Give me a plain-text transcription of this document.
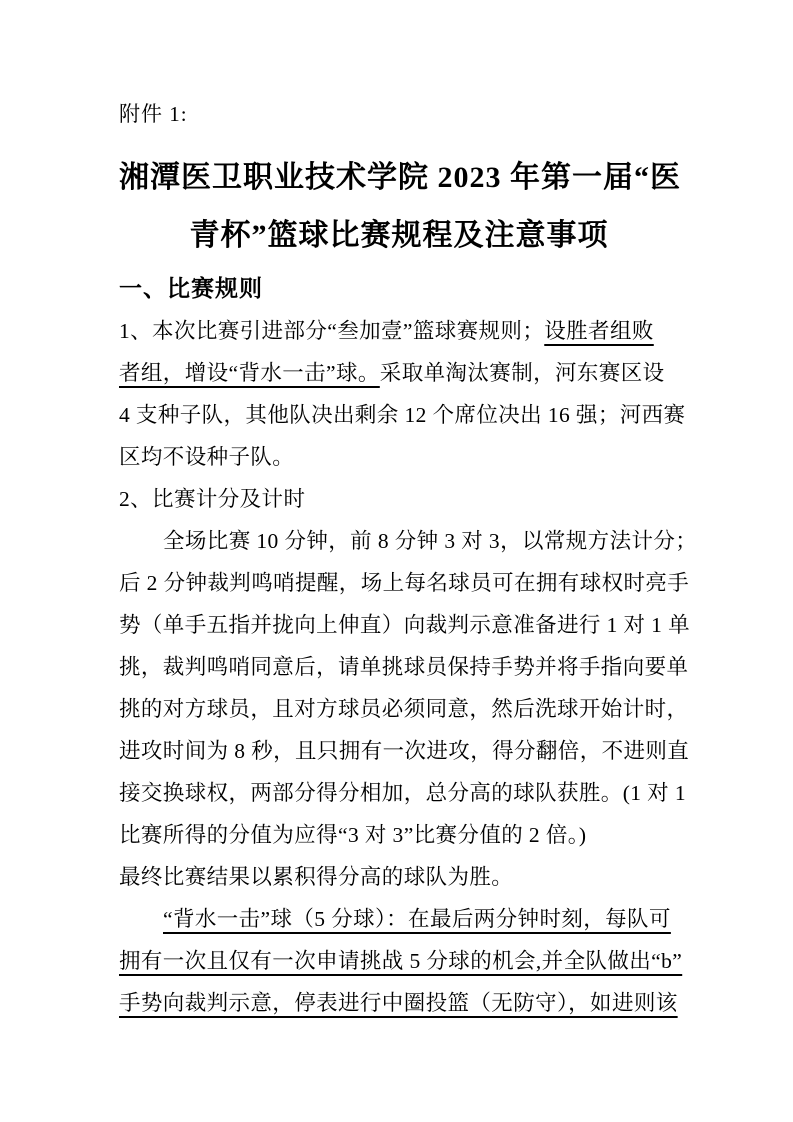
附件 1:
湘潭医卫职业技术学院 2023 年第一届“医
青杯”篮球比赛规程及注意事项
一、比赛规则
1、本次比赛引进部分“叁加壹”篮球赛规则；设胜者组败
者组，增设“背水一击”球。采取单淘汰赛制，河东赛区设
4 支种子队，其他队决出剩余 12 个席位决出 16 强；河西赛
区均不设种子队。
2、比赛计分及计时
全场比赛 10 分钟，前 8 分钟 3 对 3，以常规方法计分；
后 2 分钟裁判鸣哨提醒，场上每名球员可在拥有球权时亮手
势（单手五指并拢向上伸直）向裁判示意准备进行 1 对 1 单
挑，裁判鸣哨同意后，请单挑球员保持手势并将手指向要单
挑的对方球员，且对方球员必须同意，然后洗球开始计时，
进攻时间为 8 秒，且只拥有一次进攻，得分翻倍，不进则直
接交换球权，两部分得分相加，总分高的球队获胜。(1 对 1
比赛所得的分值为应得“3 对 3”比赛分值的 2 倍。)
最终比赛结果以累积得分高的球队为胜。
“背水一击”球（5 分球）：在最后两分钟时刻，每队可
拥有一次且仅有一次申请挑战 5 分球的机会,并全队做出“b”
手势向裁判示意，停表进行中圈投篮（无防守），如进则该
